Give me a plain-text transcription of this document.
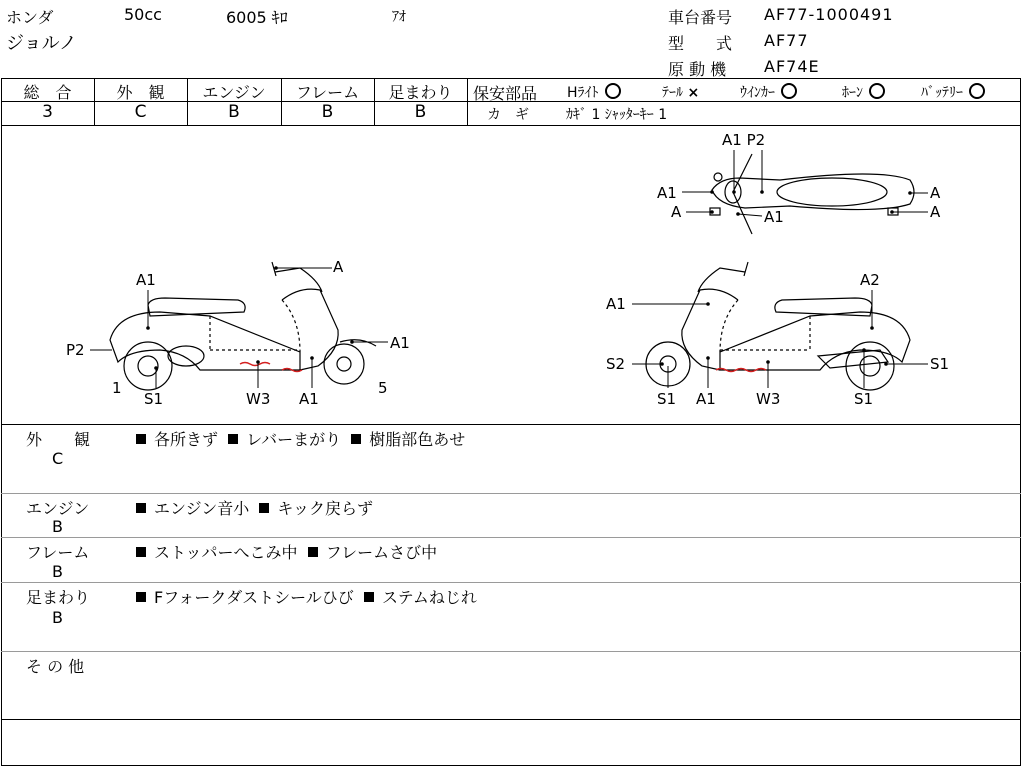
ホンダ	50cc	6005 ｷﾛ	ｱｵ
ジョルノ
車台番号 AF77-1000491
型　　式 AF77
原 動 機 AF74E
総　合	外　観	エンジン	フレーム	足まわり
3	C	B	B	B
保安部品 Hﾗｲﾄ	ﾃｰﾙ ×	ｳｲﾝｶｰ	ﾎｰﾝ	ﾊﾞｯﾃﾘｰ
カ　ギ	ｶｷﾞ 1 ｼｬｯﾀｰｷｰ 1
A1 P2
A1
A	A1
A
A
A
A1
A1
P2
1
S1	W3 A1
5
A1
A2
S2	S1
S1 A1	W3	S1
外　　観
C
各所きず レバーまがり 樹脂部色あせ
エンジン
B
エンジン音小 キック戻らず
フレーム
B
ストッパーへこみ中 フレームさび中
足まわり
B
Fフォークダストシールひび ステムねじれ
そ の 他
